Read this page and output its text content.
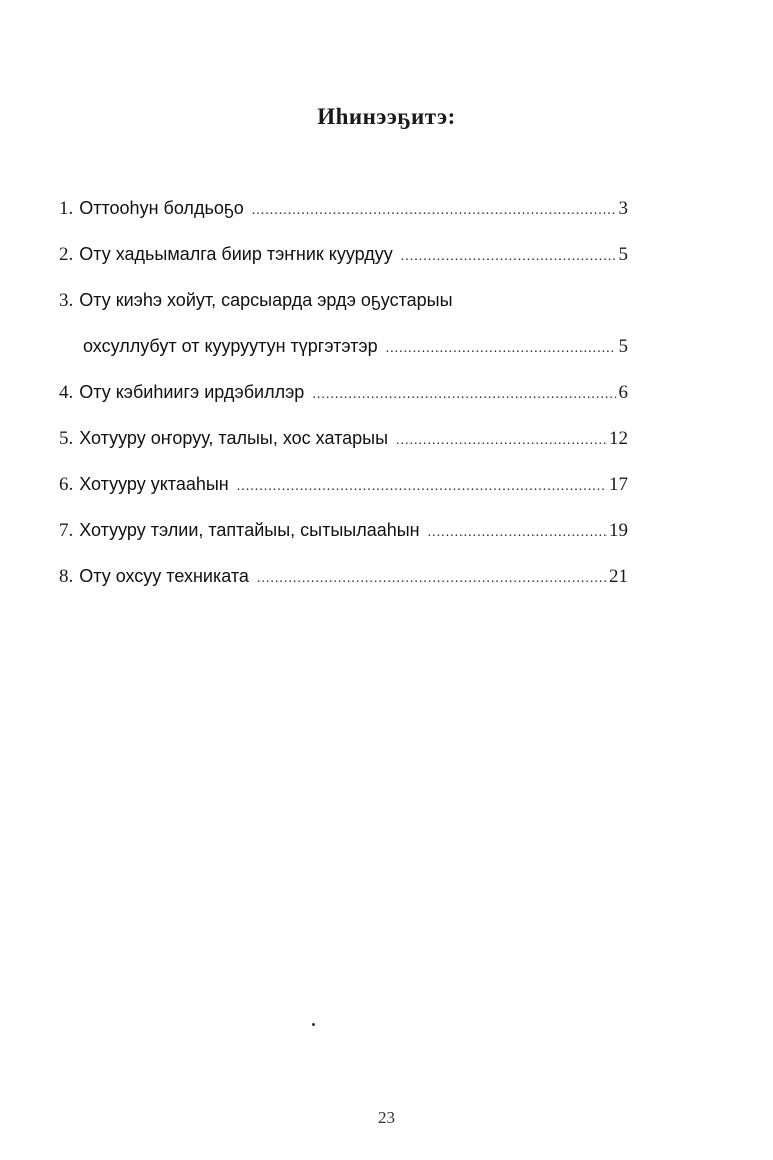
Иһинээҕитэ:
1. Оттооһун болдьоҕо .....	3
2. Оту хадьымалга биир тэҥник куурдуу .....	5
3. Оту киэһэ хойут, сарсыарда эрдэ оҕустарыы
охсуллубут от кууруутун түргэтэтэр .....	5
4. Оту кэбиһиигэ ирдэбиллэр .....	6
5. Хотууру оҥоруу, талыы, хос хатарыы .....	12
6. Хотууру уктааһын .....	17
7. Хотууру тэлии, таптайыы, сытыылааһын .....	19
8. Оту охсуу техниката .....	21
23
